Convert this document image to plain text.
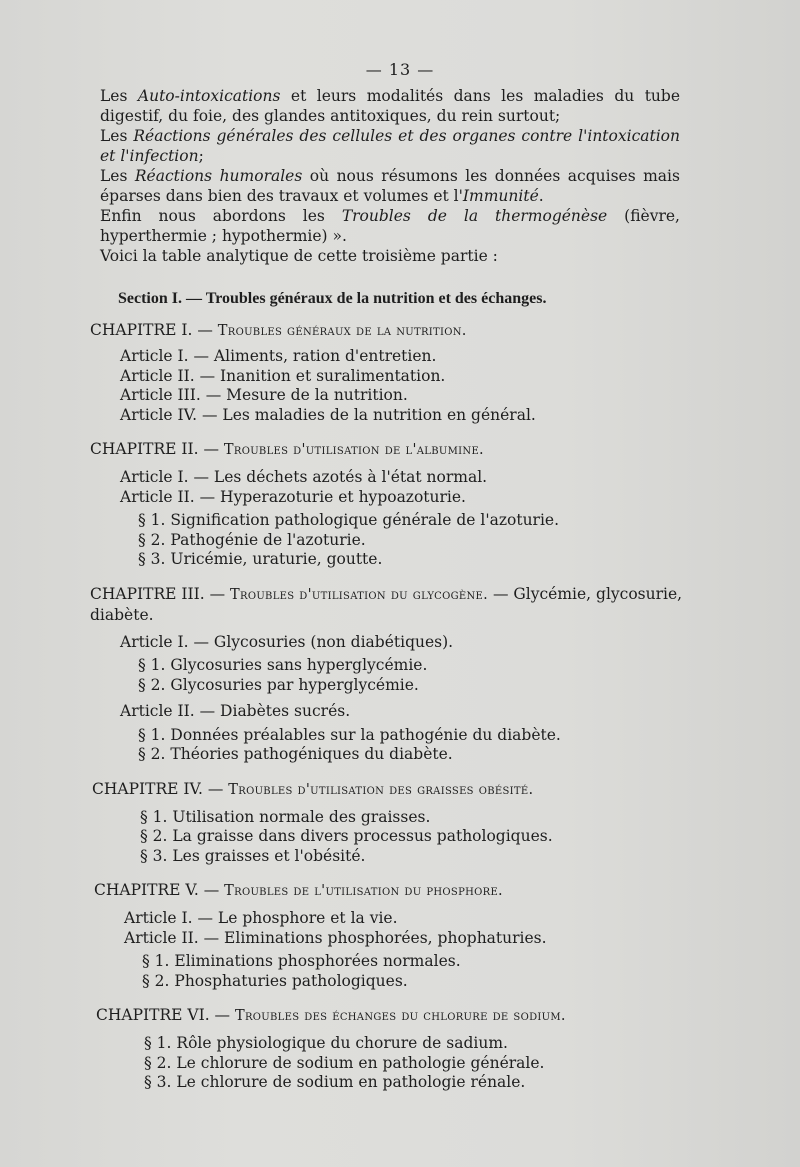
— 13 —

Les Auto-intoxications et leurs modalités dans les maladies du tube digestif, du foie, des glandes antitoxiques, du rein surtout;

Les Réactions générales des cellules et des organes contre l'intoxication et l'infection;

Les Réactions humorales où nous résumons les données acquises mais éparses dans bien des travaux et volumes et l'Immunité.

Enfin nous abordons les Troubles de la thermogénèse (fièvre, hyperthermie ; hypothermie) ».

Voici la table analytique de cette troisième partie :

Section I. — Troubles généraux de la nutrition et des échanges.

CHAPITRE I. — Troubles généraux de la nutrition.

Article I. — Aliments, ration d'entretien.

Article II. — Inanition et suralimentation.

Article III. — Mesure de la nutrition.

Article IV. — Les maladies de la nutrition en général.

CHAPITRE II. — Troubles d'utilisation de l'albumine.

Article I. — Les déchets azotés à l'état normal.

Article II. — Hyperazoturie et hypoazoturie.

§ 1. Signification pathologique générale de l'azoturie.

§ 2. Pathogénie de l'azoturie.

§ 3. Uricémie, uraturie, goutte.

CHAPITRE III. — Troubles d'utilisation du glycogène. — Glycémie, glycosurie, diabète.

Article I. — Glycosuries (non diabétiques).

§ 1. Glycosuries sans hyperglycémie.

§ 2. Glycosuries par hyperglycémie.

Article II. — Diabètes sucrés.

§ 1. Données préalables sur la pathogénie du diabète.

§ 2. Théories pathogéniques du diabète.

CHAPITRE IV. — Troubles d'utilisation des graisses obésité.

§ 1. Utilisation normale des graisses.

§ 2. La graisse dans divers processus pathologiques.

§ 3. Les graisses et l'obésité.

CHAPITRE V. — Troubles de l'utilisation du phosphore.

Article I. — Le phosphore et la vie.

Article II. — Eliminations phosphorées, phophaturies.

§ 1. Eliminations phosphorées normales.

§ 2. Phosphaturies pathologiques.

CHAPITRE VI. — Troubles des échanges du chlorure de sodium.

§ 1. Rôle physiologique du chorure de sadium.

§ 2. Le chlorure de sodium en pathologie générale.

§ 3. Le chlorure de sodium en pathologie rénale.
